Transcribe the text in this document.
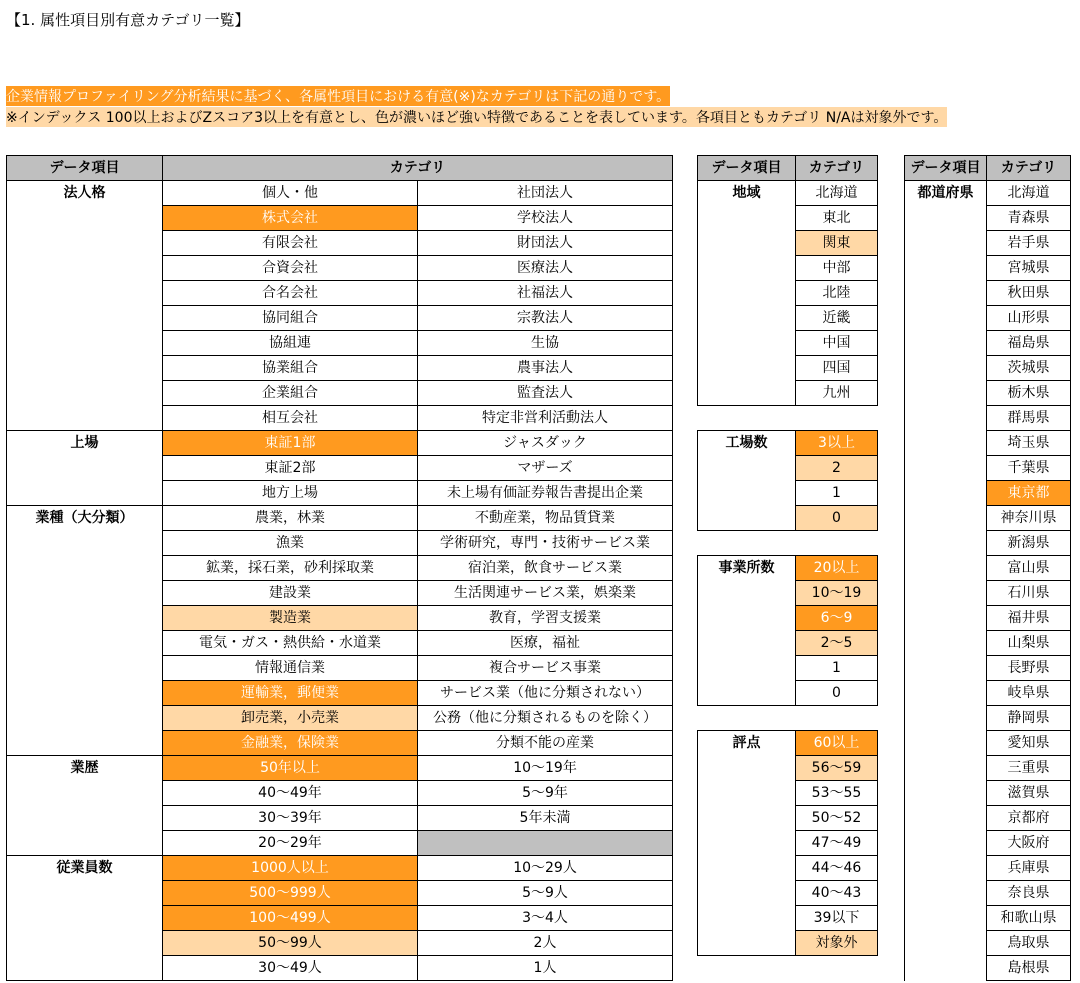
【1. 属性項目別有意カテゴリ一覧】
企業情報プロファイリング分析結果に基づく、各属性項目における有意(※)なカテゴリは下記の通りです。
※インデックス 100以上およびZスコア3以上を有意とし、色が濃いほど強い特徴であることを表しています。各項目ともカテゴリ N/Aは対象外です。
データ項目	カテゴリ	
法人格	個人・他	社団法人
	株式会社	学校法人
	有限会社	財団法人
	合資会社	医療法人
	合名会社	社福法人
	協同組合	宗教法人
	協組連	生協
	協業組合	農事法人
	企業組合	監査法人
	相互会社	特定非営利活動法人
上場	東証1部	ジャスダック
	東証2部	マザーズ
	地方上場	未上場有価証券報告書提出企業
業種（大分類）	農業，林業	不動産業，物品賃貸業
	漁業	学術研究，専門・技術サービス業
	鉱業，採石業，砂利採取業	宿泊業，飲食サービス業
	建設業	生活関連サービス業，娯楽業
	製造業	教育，学習支援業
	電気・ガス・熱供給・水道業	医療，福祉
	情報通信業	複合サービス事業
	運輸業，郵便業	サービス業（他に分類されない）
	卸売業，小売業	公務（他に分類されるものを除く）
	金融業，保険業	分類不能の産業
業歴	50年以上	10～19年
	40～49年	5～9年
	30～39年	5年未満
	20～29年	
従業員数	1000人以上	10～29人
	500～999人	5～9人
	100～499人	3～4人
	50～99人	2人
	30～49人	1人
データ項目	カテゴリ
地域	北海道
	東北
	関東
	中部
	北陸
	近畿
	中国
	四国
	九州

工場数	3以上
	2
	1
	0

事業所数	20以上
	10～19
	6～9
	2～5
	1
	0

評点	60以上
	56～59
	53～55
	50～52
	47～49
	44～46
	40～43
	39以下
	対象外
データ項目	カテゴリ
都道府県	北海道
	青森県
	岩手県
	宮城県
	秋田県
	山形県
	福島県
	茨城県
	栃木県
	群馬県
	埼玉県
	千葉県
	東京都
	神奈川県
	新潟県
	富山県
	石川県
	福井県
	山梨県
	長野県
	岐阜県
	静岡県
	愛知県
	三重県
	滋賀県
	京都府
	大阪府
	兵庫県
	奈良県
	和歌山県
	鳥取県
	島根県
